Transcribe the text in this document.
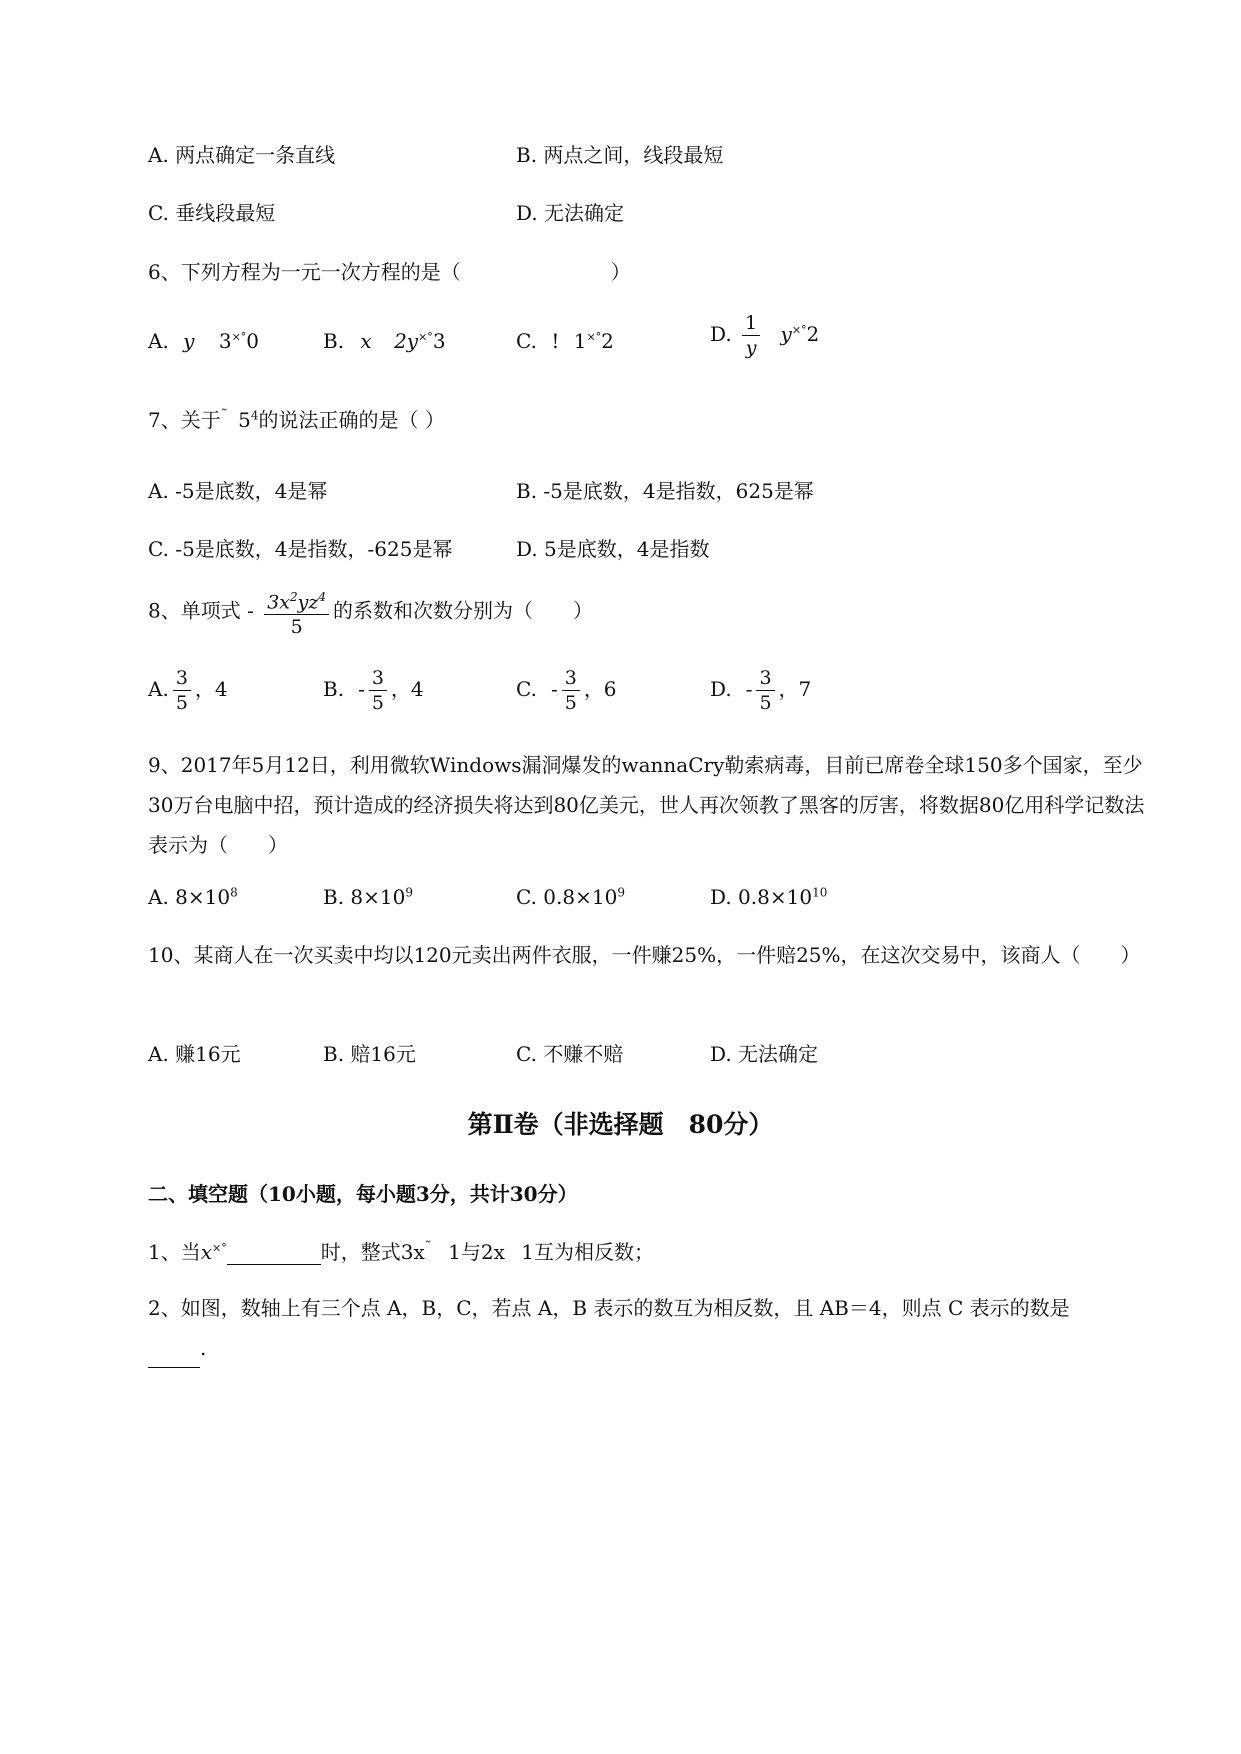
A. 两点确定一条直线	B. 两点之间，线段最短
C. 垂线段最短	D. 无法确定
6、下列方程为一元一次方程的是（	）
A. y 3×°0	B. x 2y×°3	C. ! 1×°2	D. $\frac{1}{y} y^{\times^\circ}2$
7、关于˜ $5^4$的说法正确的是（ ）
A. -5是底数，4是幂	B. -5是底数，4是指数，625是幂
C. -5是底数，4是指数，-625是幂	D. 5是底数，4是指数
8、单项式 - $\frac{3x^2yz^4}{5}$ 的系数和次数分别为（　　）
A. $\frac{3}{5}$ ，4	B. - $\frac{3}{5}$ ，4	C. - $\frac{3}{5}$ ，6	D. - $\frac{3}{5}$ ，7
9、2017年5月12日，利用微软Windows漏洞爆发的wannaCry勒索病毒，目前已席卷全球150多个国家，至少30万台电脑中招，预计造成的经济损失将达到80亿美元，世人再次领教了黑客的厉害，将数据80亿用科学记数法表示为（　　）
A. $8\times 10^8$	B. $8\times 10^9$	C. $0.8\times 10^9$	D. $0.8\times 10^{10}$
10、某商人在一次买卖中均以120元卖出两件衣服，一件赚25%，一件赔25%，在这次交易中，该商人（　　）
A. 赚16元	B. 赔16元	C. 不赚不赔	D. 无法确定
第Ⅱ卷（非选择题　80分）
二、填空题（10小题，每小题3分，共计30分）
1、当x×°	时，整式3x˜ 1与2x 1互为相反数；
2、如图，数轴上有三个点 A，B，C，若点 A，B 表示的数互为相反数，且 AB＝4，则点 C 表示的数是
.
